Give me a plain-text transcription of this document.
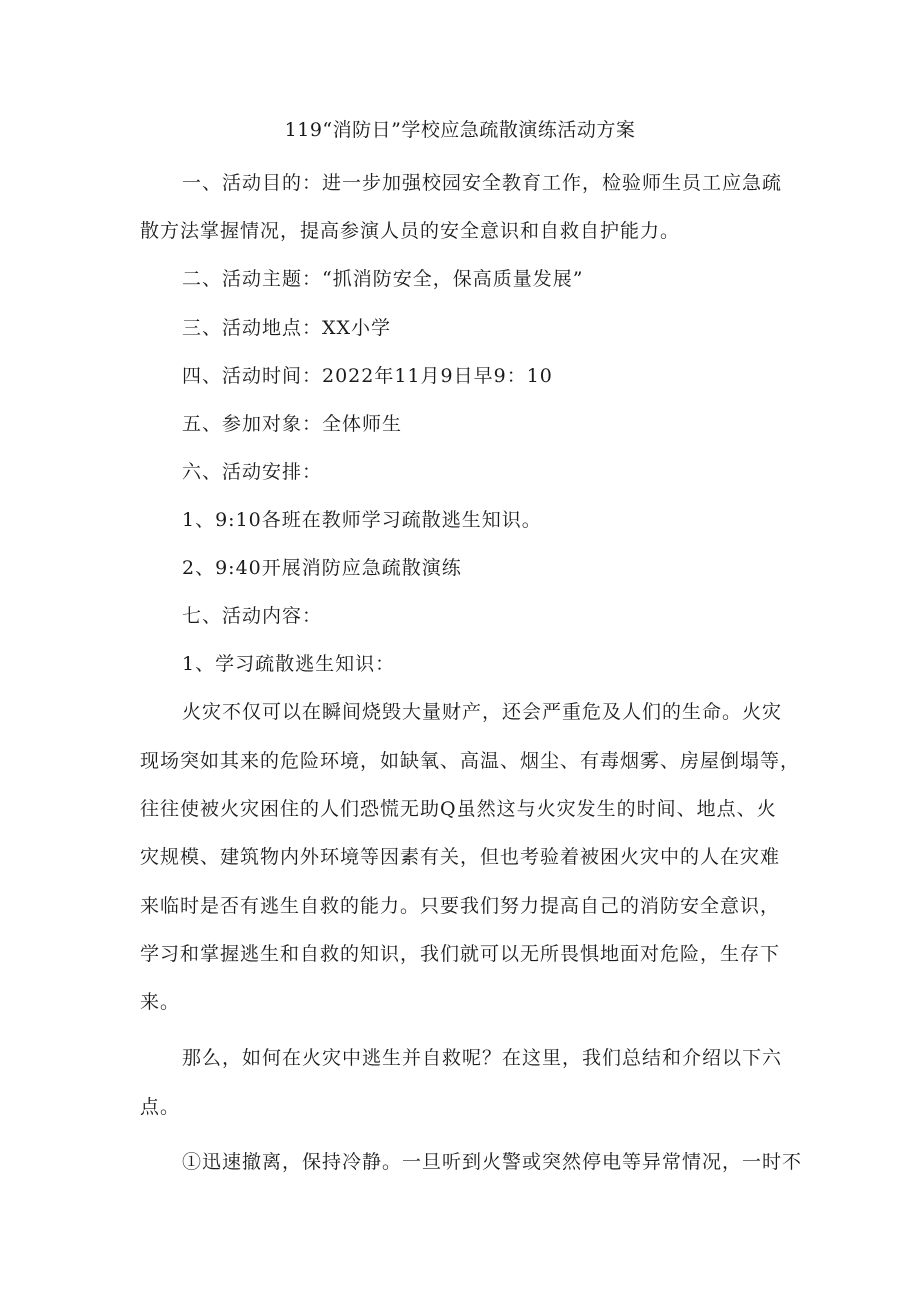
119“消防日”学校应急疏散演练活动方案
一、活动目的：进一步加强校园安全教育工作，检验师生员工应急疏
散方法掌握情况，提高参演人员的安全意识和自救自护能力。
二、活动主题：“抓消防安全，保高质量发展”
三、活动地点：XX小学
四、活动时间：2022年11月9日早9：10
五、参加对象：全体师生
六、活动安排：
1、9:10各班在教师学习疏散逃生知识。
2、9:40开展消防应急疏散演练
七、活动内容：
1、学习疏散逃生知识：
火灾不仅可以在瞬间烧毁大量财产，还会严重危及人们的生命。火灾
现场突如其来的危险环境，如缺氧、高温、烟尘、有毒烟雾、房屋倒塌等，
往往使被火灾困住的人们恐慌无助Q虽然这与火灾发生的时间、地点、火
灾规模、建筑物内外环境等因素有关，但也考验着被困火灾中的人在灾难
来临时是否有逃生自救的能力。只要我们努力提高自己的消防安全意识，
学习和掌握逃生和自救的知识，我们就可以无所畏惧地面对危险，生存下
来。
那么，如何在火灾中逃生并自救呢？在这里，我们总结和介绍以下六
点。
①迅速撤离，保持冷静。一旦听到火警或突然停电等异常情况，一时不
